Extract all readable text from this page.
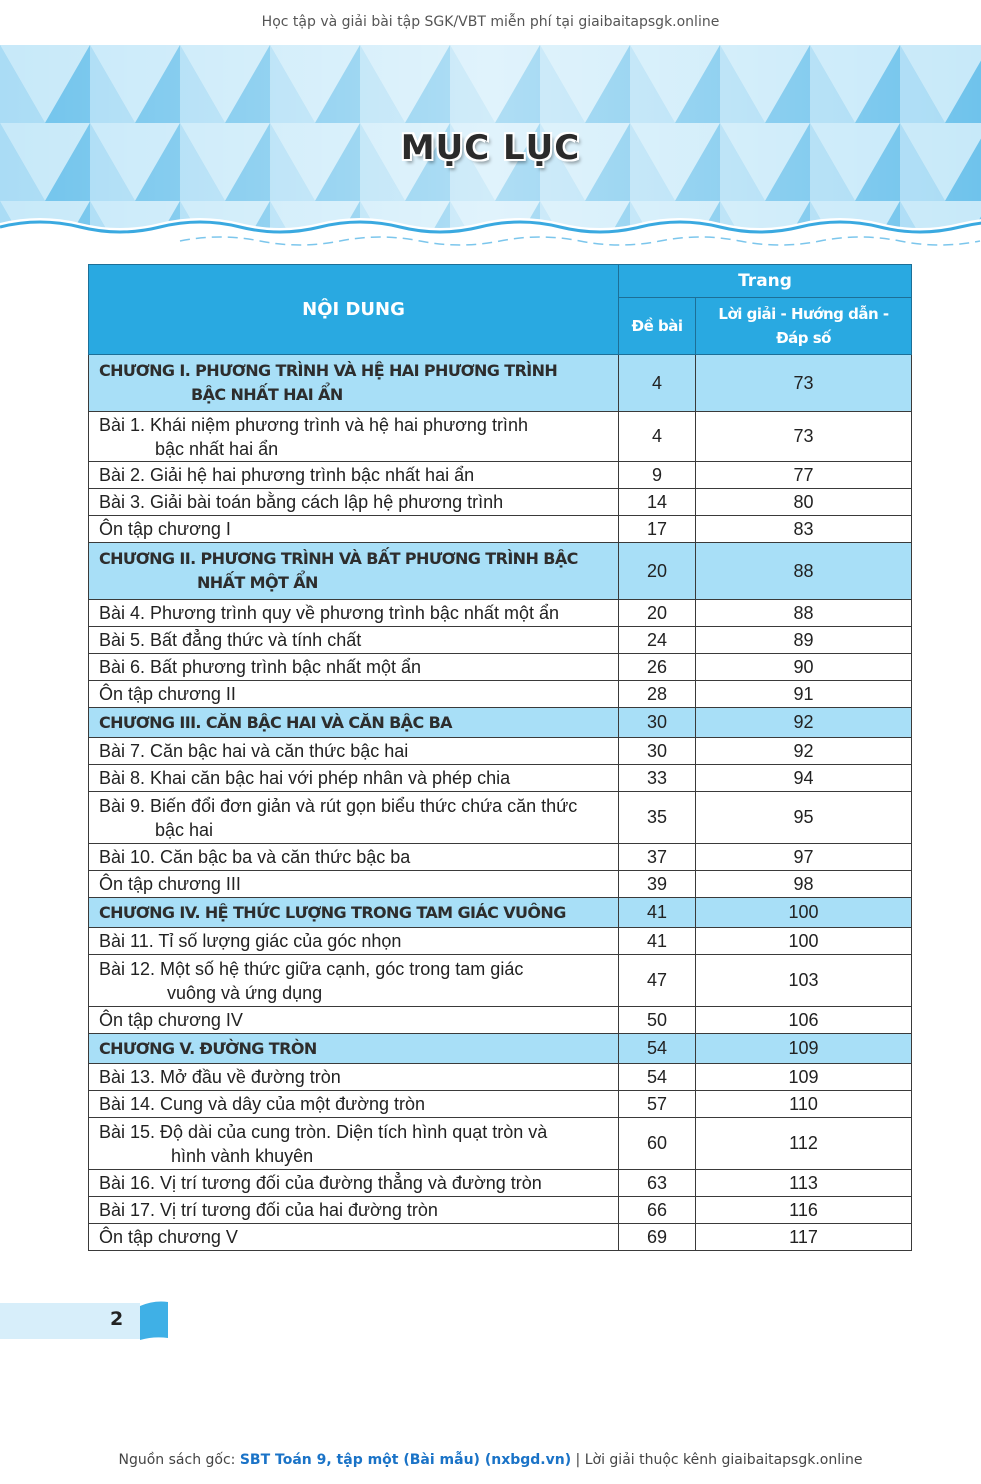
Học tập và giải bài tập SGK/VBT miễn phí tại giaibaitapsgk.online
MỤC LỤC
NỘI DUNG	Trang	
	Đề bài	Lời giải - Hướng dẫn -
Đáp số
CHƯƠNG I. PHƯƠNG TRÌNH VÀ HỆ HAI PHƯƠNG TRÌNH
BẬC NHẤT HAI ẨN	4	73
Bài 1. Khái niệm phương trình và hệ hai phương trình
bậc nhất hai ẩn	4	73
Bài 2. Giải hệ hai phương trình bậc nhất hai ẩn	9	77
Bài 3. Giải bài toán bằng cách lập hệ phương trình	14	80
Ôn tập chương I	17	83
CHƯƠNG II. PHƯƠNG TRÌNH VÀ BẤT PHƯƠNG TRÌNH BẬC
NHẤT MỘT ẨN	20	88
Bài 4. Phương trình quy về phương trình bậc nhất một ẩn	20	88
Bài 5. Bất đẳng thức và tính chất	24	89
Bài 6. Bất phương trình bậc nhất một ẩn	26	90
Ôn tập chương II	28	91
CHƯƠNG III. CĂN BẬC HAI VÀ CĂN BẬC BA	30	92
Bài 7. Căn bậc hai và căn thức bậc hai	30	92
Bài 8. Khai căn bậc hai với phép nhân và phép chia	33	94
Bài 9. Biến đổi đơn giản và rút gọn biểu thức chứa căn thức
bậc hai	35	95
Bài 10. Căn bậc ba và căn thức bậc ba	37	97
Ôn tập chương III	39	98
CHƯƠNG IV. HỆ THỨC LƯỢNG TRONG TAM GIÁC VUÔNG	41	100
Bài 11. Tỉ số lượng giác của góc nhọn	41	100
Bài 12. Một số hệ thức giữa cạnh, góc trong tam giác
vuông và ứng dụng	47	103
Ôn tập chương IV	50	106
CHƯƠNG V. ĐƯỜNG TRÒN	54	109
Bài 13. Mở đầu về đường tròn	54	109
Bài 14. Cung và dây của một đường tròn	57	110
Bài 15. Độ dài của cung tròn. Diện tích hình quạt tròn và
hình vành khuyên	60	112
Bài 16. Vị trí tương đối của đường thẳng và đường tròn	63	113
Bài 17. Vị trí tương đối của hai đường tròn	66	116
Ôn tập chương V	69	117
2
Nguồn sách gốc: SBT Toán 9, tập một (Bài mẫu) (nxbgd.vn) | Lời giải thuộc kênh giaibaitapsgk.online
